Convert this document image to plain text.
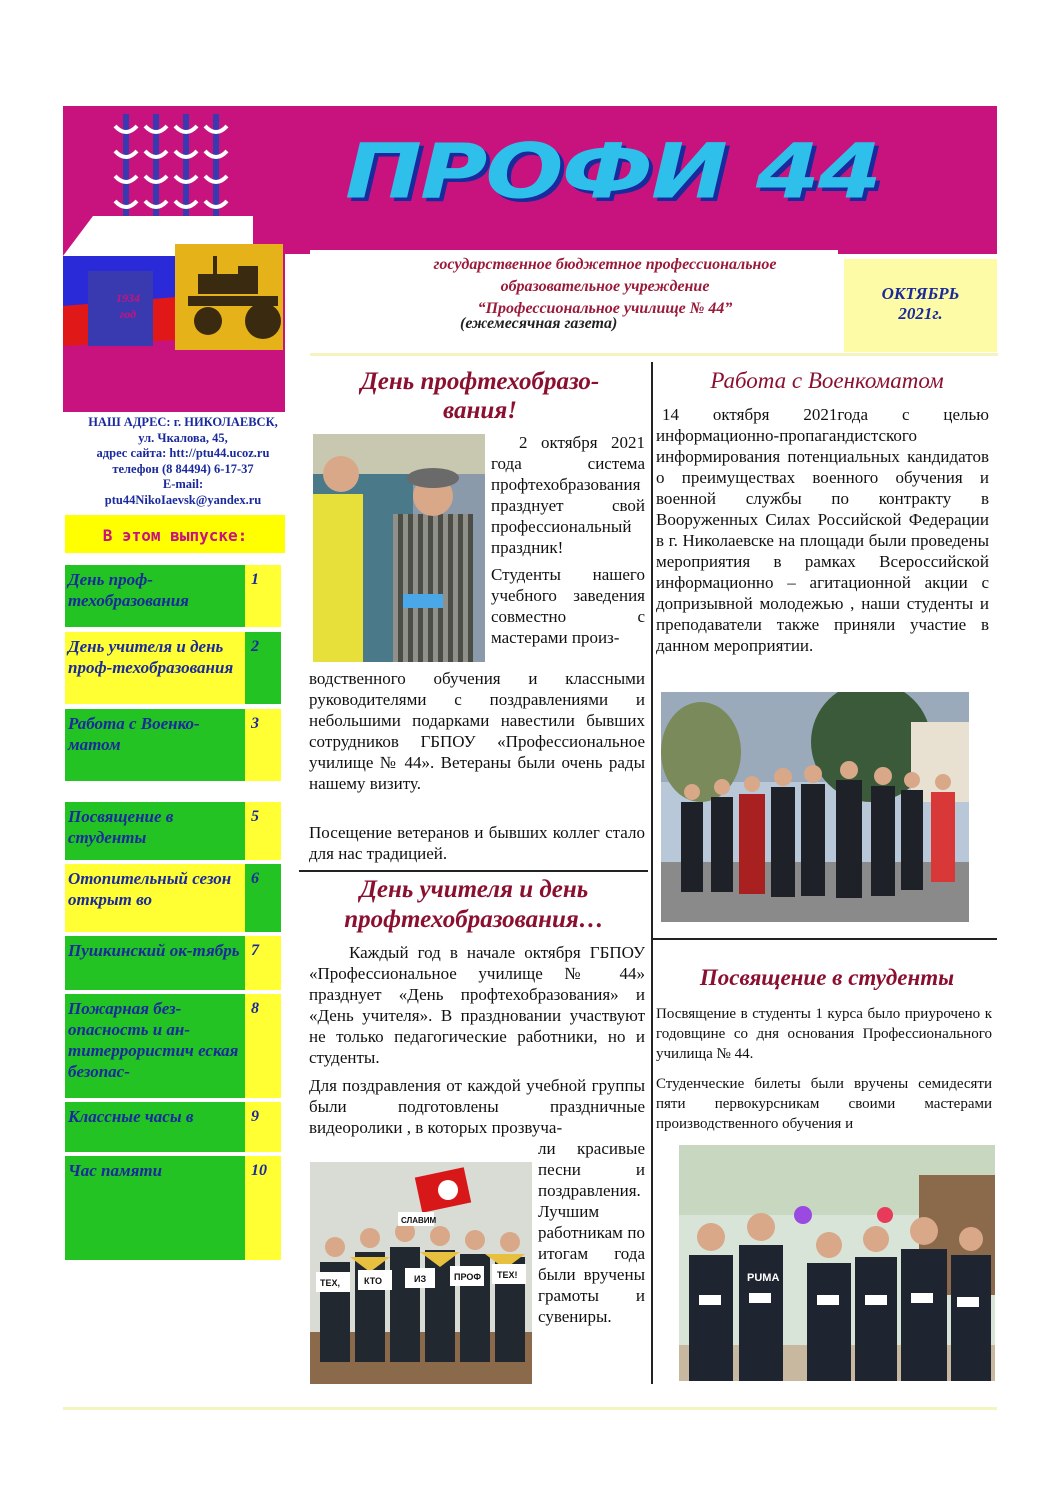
1934 год
ПРОФИ 44
государственное бюджетное профессиональное
образовательное учреждение
“Профессиональное училище № 44”
(ежемесячная газета)
ОКТЯБРЬ
2021г.
НАШ АДРЕС: г. НИКОЛАЕВСК,
ул. Чкалова, 45,
адрес сайта: htt://ptu44.ucoz.ru
телефон (8 84494) 6-17-37
E-mail:
ptu44NikoIaevsk@yandex.ru
В этом выпуске:
День проф-техобразования
1
День учителя и день проф-техобразования
2
Работа с Военко-матом
3
Посвящение в студенты
5
Отопительный сезон открыт во
6
Пушкинский ок-тябрь 7
Пожарная без-опасность и ан-титеррористич еская безопас-
8
Классные часы в	9
Час памяти	10
День профтехобразо-
вания!
2 октября 2021 года система профтехобразования празднует свой профессиональный праздник!
Студенты нашего учебного заведения совместно с мастерами произ-
водственного обучения и классными руководителями с поздравлениями и небольшими подарками навестили бывших сотрудников ГБПОУ «Профессиональное училище № 44». Ветераны были очень рады нашему визиту.
Посещение ветеранов и бывших коллег стало для нас традицией.
День учителя и день
профтехобразования…
Каждый год в начале октября ГБПОУ «Профессиональное училище № 44» празднует «День профтехобразования» и «День учителя». В праздновании участвуют не только педагогические работники, но и студенты.
Для поздравления от каждой учебной группы были подготовлены праздничные видеоролики , в которых прозвуча-
ТЕХ,	КТО	ИЗ	ПРОФ ТЕХ!
СЛАВИМ
ли красивые песни и поздравления. Лучшим работникам по итогам года были вручены грамоты и сувениры.
Работа с Военкоматом
14 октября 2021года с целью информационно-пропагандистского информирования потенциальных кандидатов о преимуществах военного обучения и военной службы по контракту в Вооруженных Силах Российской Федерации в г. Николаевске на площади были проведены мероприятия в рамках Всероссийской информационно – агитационной акции с допризывной молодежью , наши студенты и преподаватели также приняли участие в данном мероприятии.
Посвящение в студенты
Посвящение в студенты 1 курса было приурочено к годовщине со дня основания Профессионального училища № 44.
Студенческие билеты были вручены семидесяти пяти первокурсникам своими мастерами производственного обучения и
PUMA
